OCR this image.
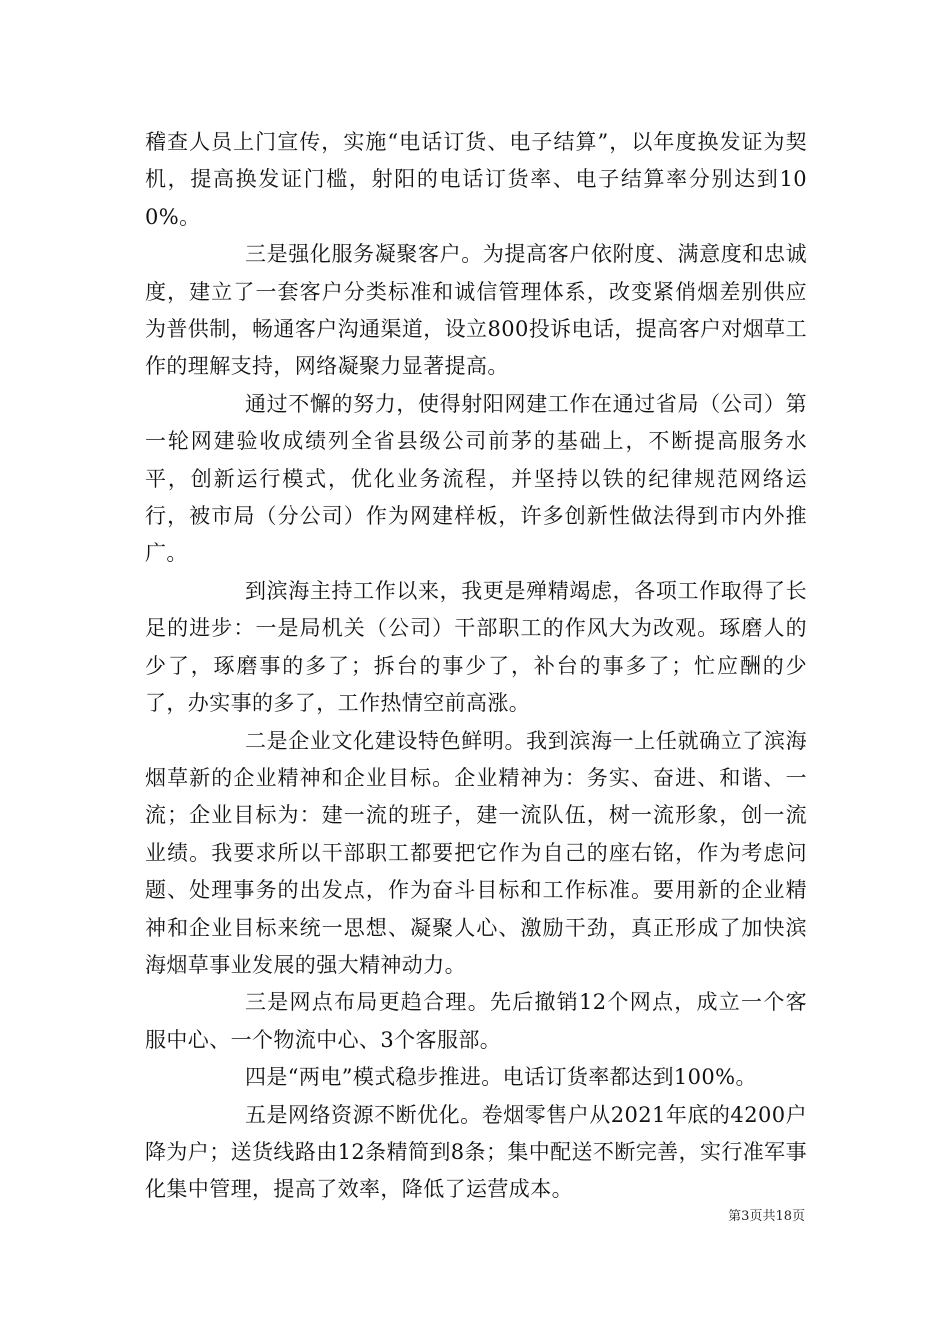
稽查人员上门宣传，实施“电话订货、电子结算”，以年度换发证为契机，提高换发证门槛，射阳的电话订货率、电子结算率分别达到100%。

三是强化服务凝聚客户。为提高客户依附度、满意度和忠诚度，建立了一套客户分类标准和诚信管理体系，改变紧俏烟差别供应为普供制，畅通客户沟通渠道，设立800投诉电话，提高客户对烟草工作的理解支持，网络凝聚力显著提高。

通过不懈的努力，使得射阳网建工作在通过省局（公司）第一轮网建验收成绩列全省县级公司前茅的基础上，不断提高服务水平，创新运行模式，优化业务流程，并坚持以铁的纪律规范网络运行，被市局（分公司）作为网建样板，许多创新性做法得到市内外推广。

到滨海主持工作以来，我更是殚精竭虑，各项工作取得了长足的进步：一是局机关（公司）干部职工的作风大为改观。琢磨人的少了，琢磨事的多了；拆台的事少了，补台的事多了；忙应酬的少了，办实事的多了，工作热情空前高涨。

二是企业文化建设特色鲜明。我到滨海一上任就确立了滨海烟草新的企业精神和企业目标。企业精神为：务实、奋进、和谐、一流；企业目标为：建一流的班子，建一流队伍，树一流形象，创一流业绩。我要求所以干部职工都要把它作为自己的座右铭，作为考虑问题、处理事务的出发点，作为奋斗目标和工作标准。要用新的企业精神和企业目标来统一思想、凝聚人心、激励干劲，真正形成了加快滨海烟草事业发展的强大精神动力。

三是网点布局更趋合理。先后撤销12个网点，成立一个客服中心、一个物流中心、3个客服部。

四是“两电”模式稳步推进。电话订货率都达到100%。

五是网络资源不断优化。卷烟零售户从2021年底的4200户降为户；送货线路由12条精简到8条；集中配送不断完善，实行准军事化集中管理，提高了效率，降低了运营成本。

第3页共18页
